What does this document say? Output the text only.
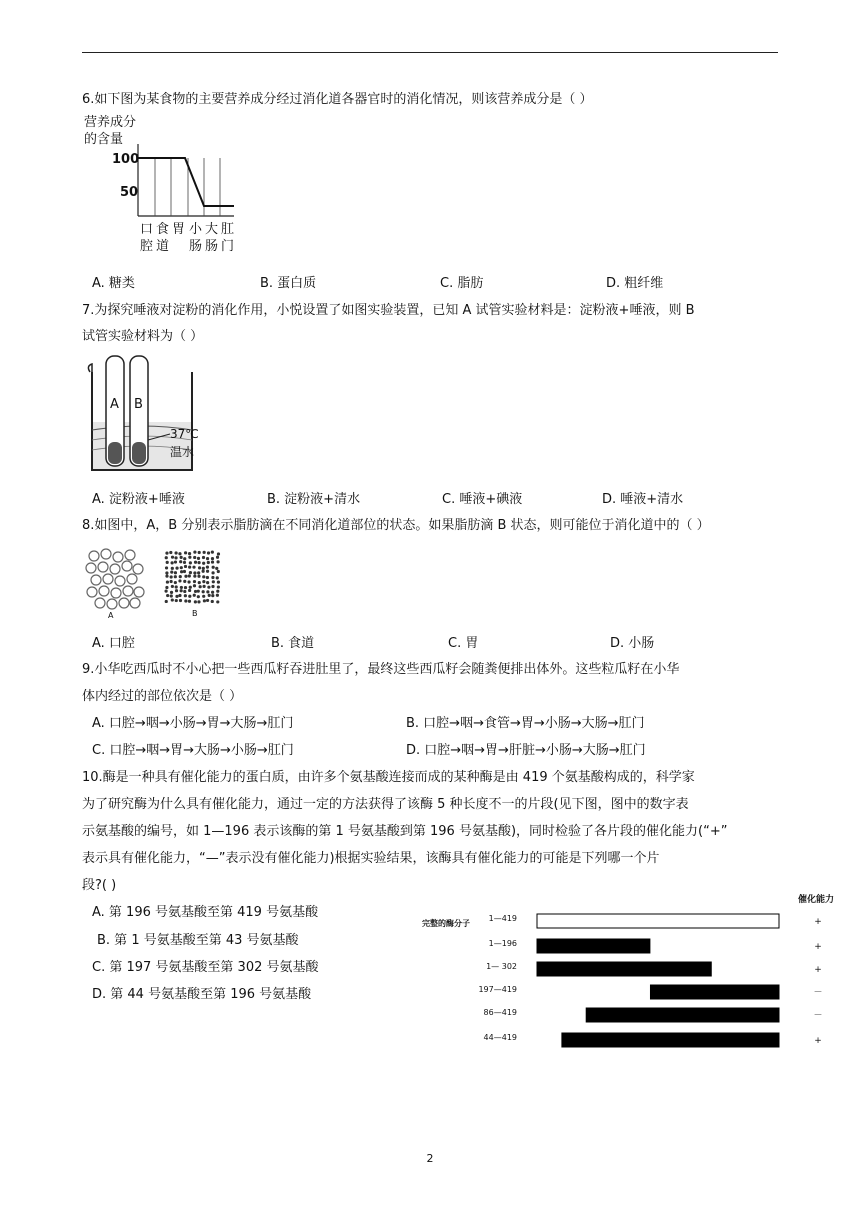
6.如下图为某食物的主要营养成分经过消化道各器官时的消化情况，则该营养成分是（ ）
营养成分
的含量
100
50
口 食 胃 小 大 肛
腔 道 肠 肠 门
A. 糖类	B. 蛋白质	C. 脂肪	D. 粗纤维
7.为探究唾液对淀粉的消化作用，小悦设置了如图实验装置，已知 A 试管实验材料是：淀粉液+唾液，则 B
试管实验材料为（ ）
A B
37℃
温水
A. 淀粉液+唾液	B. 淀粉液+清水	C. 唾液+碘液	D. 唾液+清水
8.如图中，A，B 分别表示脂肪滴在不同消化道部位的状态。如果脂肪滴 B 状态，则可能位于消化道中的（ ）
A	B
A. 口腔	B. 食道	C. 胃	D. 小肠
9.小华吃西瓜时不小心把一些西瓜籽吞进肚里了，最终这些西瓜籽会随粪便排出体外。这些粒瓜籽在小华
体内经过的部位依次是（ ）
A. 口腔→咽→小肠→胃→大肠→肛门	B. 口腔→咽→食管→胃→小肠→大肠→肛门
C. 口腔→咽→胃→大肠→小肠→肛门	D. 口腔→咽→胃→肝脏→小肠→大肠→肛门
10.酶是一种具有催化能力的蛋白质，由许多个氨基酸连接而成的某种酶是由 419 个氨基酸构成的，科学家
为了研究酶为什么具有催化能力，通过一定的方法获得了该酶 5 种长度不一的片段(见下图，图中的数字表
示氨基酸的编号，如 1—196 表示该酶的第 1 号氨基酸到第 196 号氨基酸)，同时检验了各片段的催化能力(“+”
表示具有催化能力，“—”表示没有催化能力)根据实验结果，该酶具有催化能力的可能是下列哪一个片
段?( )
A. 第 196 号氨基酸至第 419 号氨基酸
B. 第 1 号氨基酸至第 43 号氨基酸
C. 第 197 号氨基酸至第 302 号氨基酸
D. 第 44 号氨基酸至第 196 号氨基酸
催化能力
完整的酶分子
1—419	+
1—196	+
1— 302	+
197—419	－
86—419	－
44—419	+
2
